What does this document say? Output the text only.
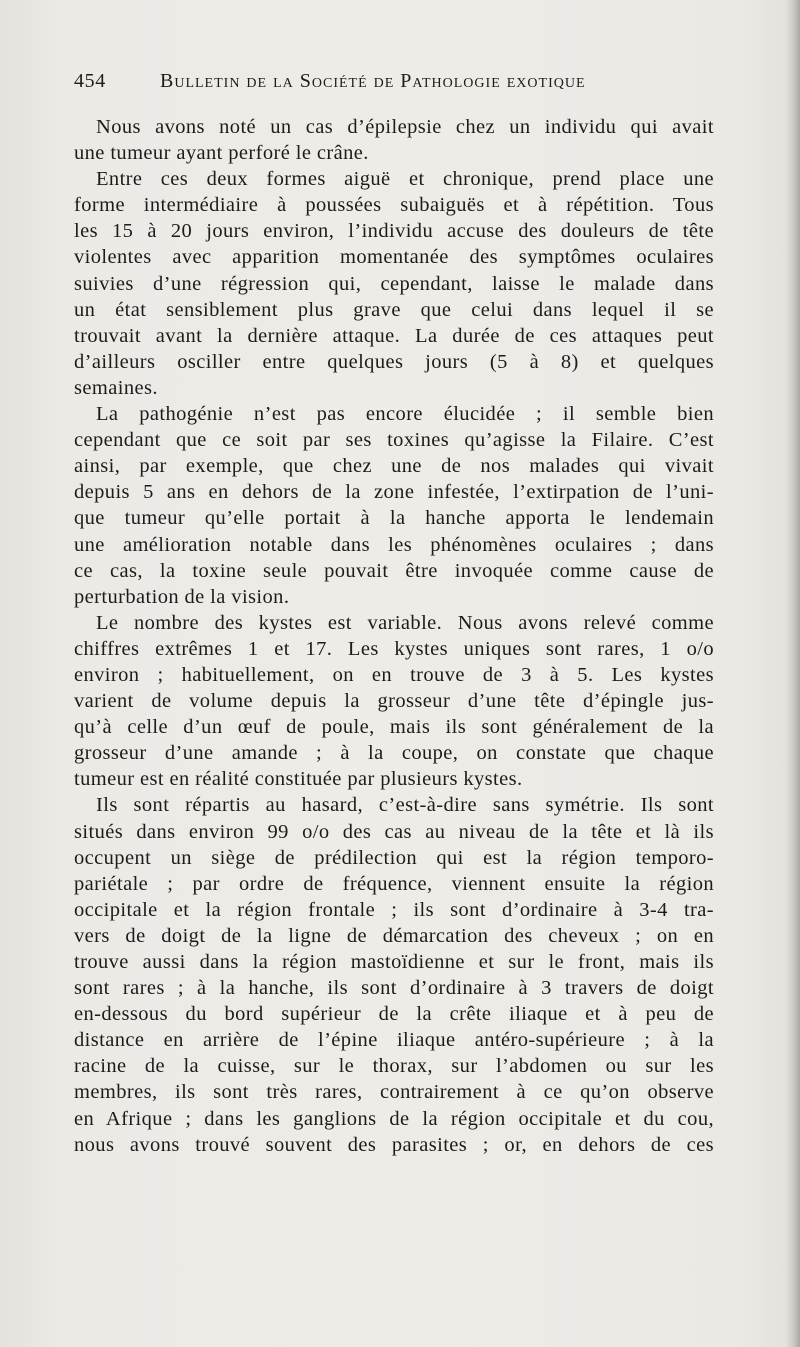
454	Bulletin de la Société de Pathologie exotique
Nous avons noté un cas d’épilepsie chez un individu qui avait
une tumeur ayant perforé le crâne.
Entre ces deux formes aiguë et chronique, prend place une
forme intermédiaire à poussées subaiguës et à répétition. Tous
les 15 à 20 jours environ, l’individu accuse des douleurs de tête
violentes avec apparition momentanée des symptômes oculaires
suivies d’une régression qui, cependant, laisse le malade dans
un état sensiblement plus grave que celui dans lequel il se
trouvait avant la dernière attaque. La durée de ces attaques peut
d’ailleurs osciller entre quelques jours (5 à 8) et quelques
semaines.
La pathogénie n’est pas encore élucidée ; il semble bien
cependant que ce soit par ses toxines qu’agisse la Filaire. C’est
ainsi, par exemple, que chez une de nos malades qui vivait
depuis 5 ans en dehors de la zone infestée, l’extirpation de l’uni-
que tumeur qu’elle portait à la hanche apporta le lendemain
une amélioration notable dans les phénomènes oculaires ; dans
ce cas, la toxine seule pouvait être invoquée comme cause de
perturbation de la vision.
Le nombre des kystes est variable. Nous avons relevé comme
chiffres extrêmes 1 et 17. Les kystes uniques sont rares, 1 o/o
environ ; habituellement, on en trouve de 3 à 5. Les kystes
varient de volume depuis la grosseur d’une tête d’épingle jus-
qu’à celle d’un œuf de poule, mais ils sont généralement de la
grosseur d’une amande ; à la coupe, on constate que chaque
tumeur est en réalité constituée par plusieurs kystes.
Ils sont répartis au hasard, c’est-à-dire sans symétrie. Ils sont
situés dans environ 99 o/o des cas au niveau de la tête et là ils
occupent un siège de prédilection qui est la région temporo-
pariétale ; par ordre de fréquence, viennent ensuite la région
occipitale et la région frontale ; ils sont d’ordinaire à 3-4 tra-
vers de doigt de la ligne de démarcation des cheveux ; on en
trouve aussi dans la région mastoïdienne et sur le front, mais ils
sont rares ; à la hanche, ils sont d’ordinaire à 3 travers de doigt
en-dessous du bord supérieur de la crête iliaque et à peu de
distance en arrière de l’épine iliaque antéro-supérieure ; à la
racine de la cuisse, sur le thorax, sur l’abdomen ou sur les
membres, ils sont très rares, contrairement à ce qu’on observe
en Afrique ; dans les ganglions de la région occipitale et du cou,
nous avons trouvé souvent des parasites ; or, en dehors de ces
